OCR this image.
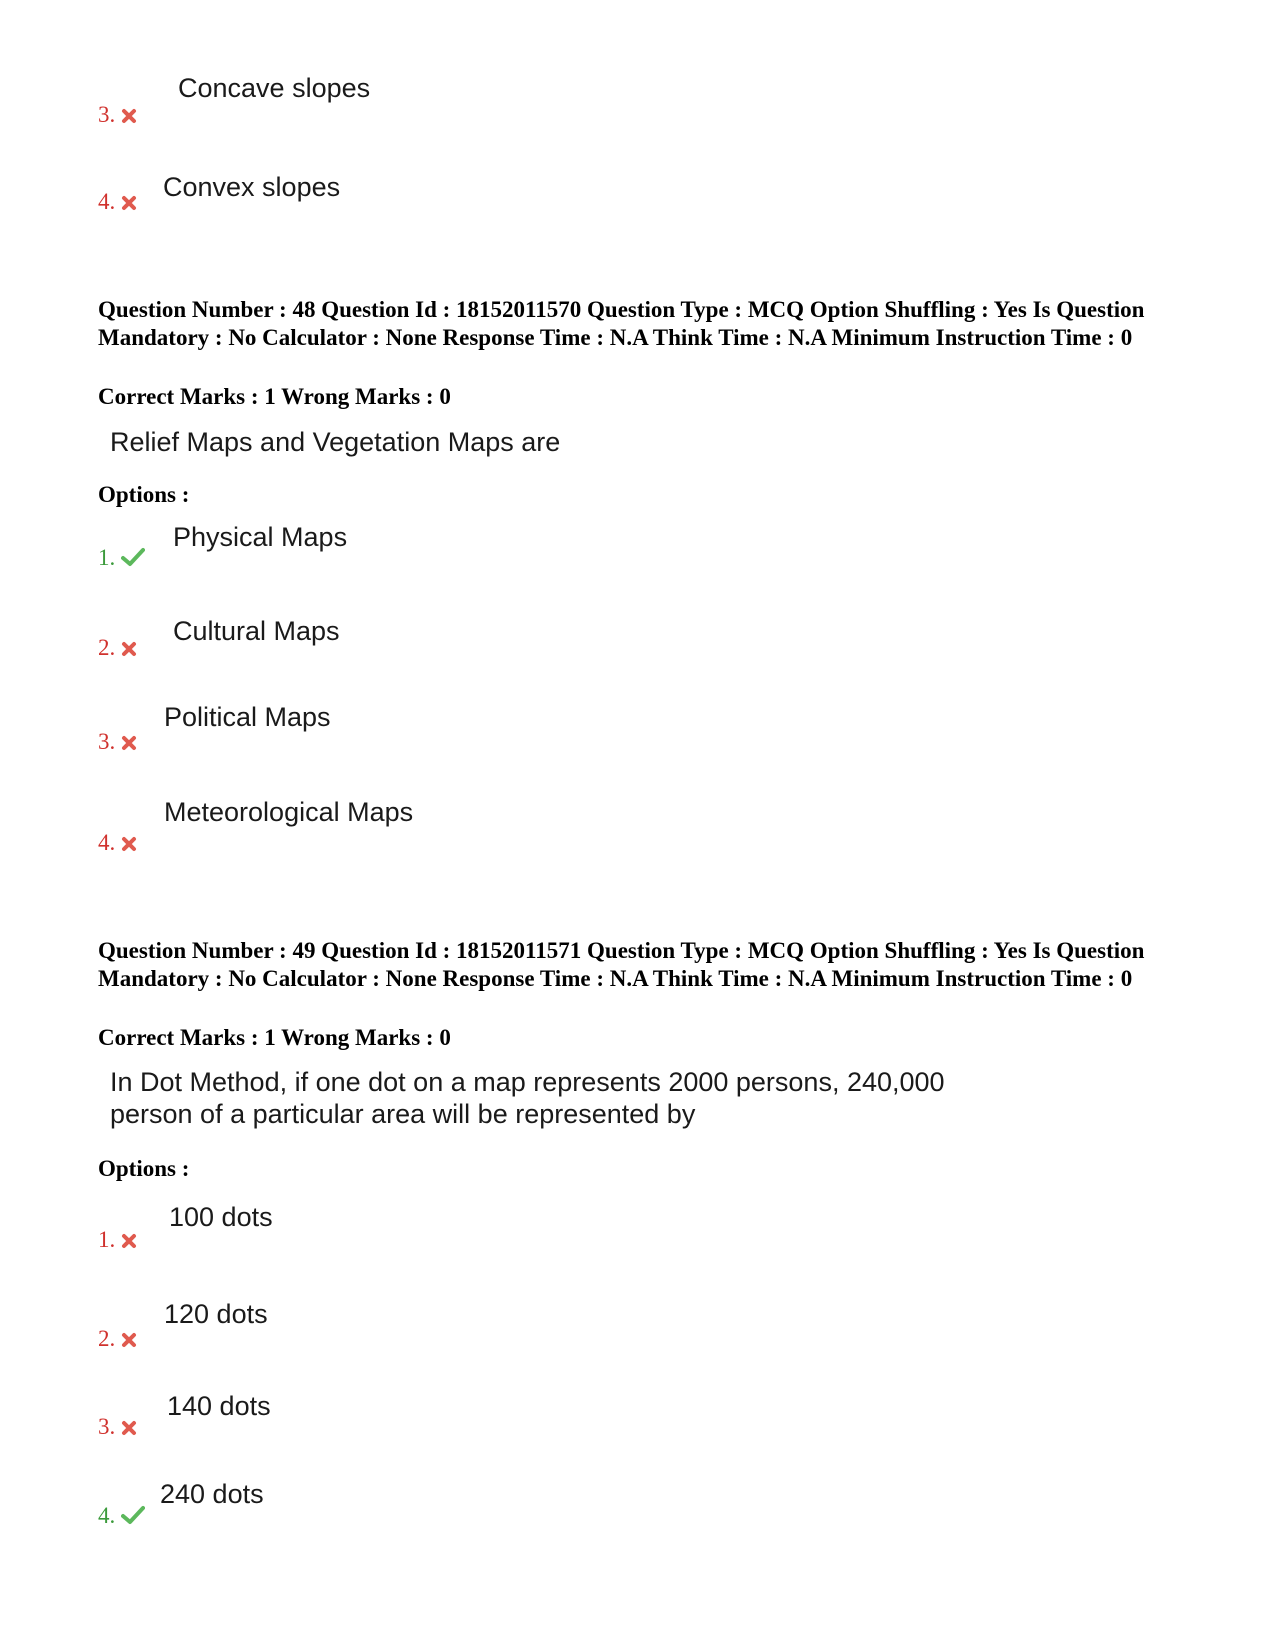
Concave slopes
3.
Convex slopes
4.
Question Number : 48 Question Id : 18152011570 Question Type : MCQ Option Shuffling : Yes Is Question Mandatory : No Calculator : None Response Time : N.A Think Time : N.A Minimum Instruction Time : 0
Correct Marks : 1 Wrong Marks : 0
Relief Maps and Vegetation Maps are
Options :
Physical Maps
1.
Cultural Maps
2.
Political Maps
3.
Meteorological Maps
4.
Question Number : 49 Question Id : 18152011571 Question Type : MCQ Option Shuffling : Yes Is Question Mandatory : No Calculator : None Response Time : N.A Think Time : N.A Minimum Instruction Time : 0
Correct Marks : 1 Wrong Marks : 0
In Dot Method, if one dot on a map represents 2000 persons, 240,000
person of a particular area will be represented by
Options :
100 dots
1.
120 dots
2.
140 dots
3.
240 dots
4.
